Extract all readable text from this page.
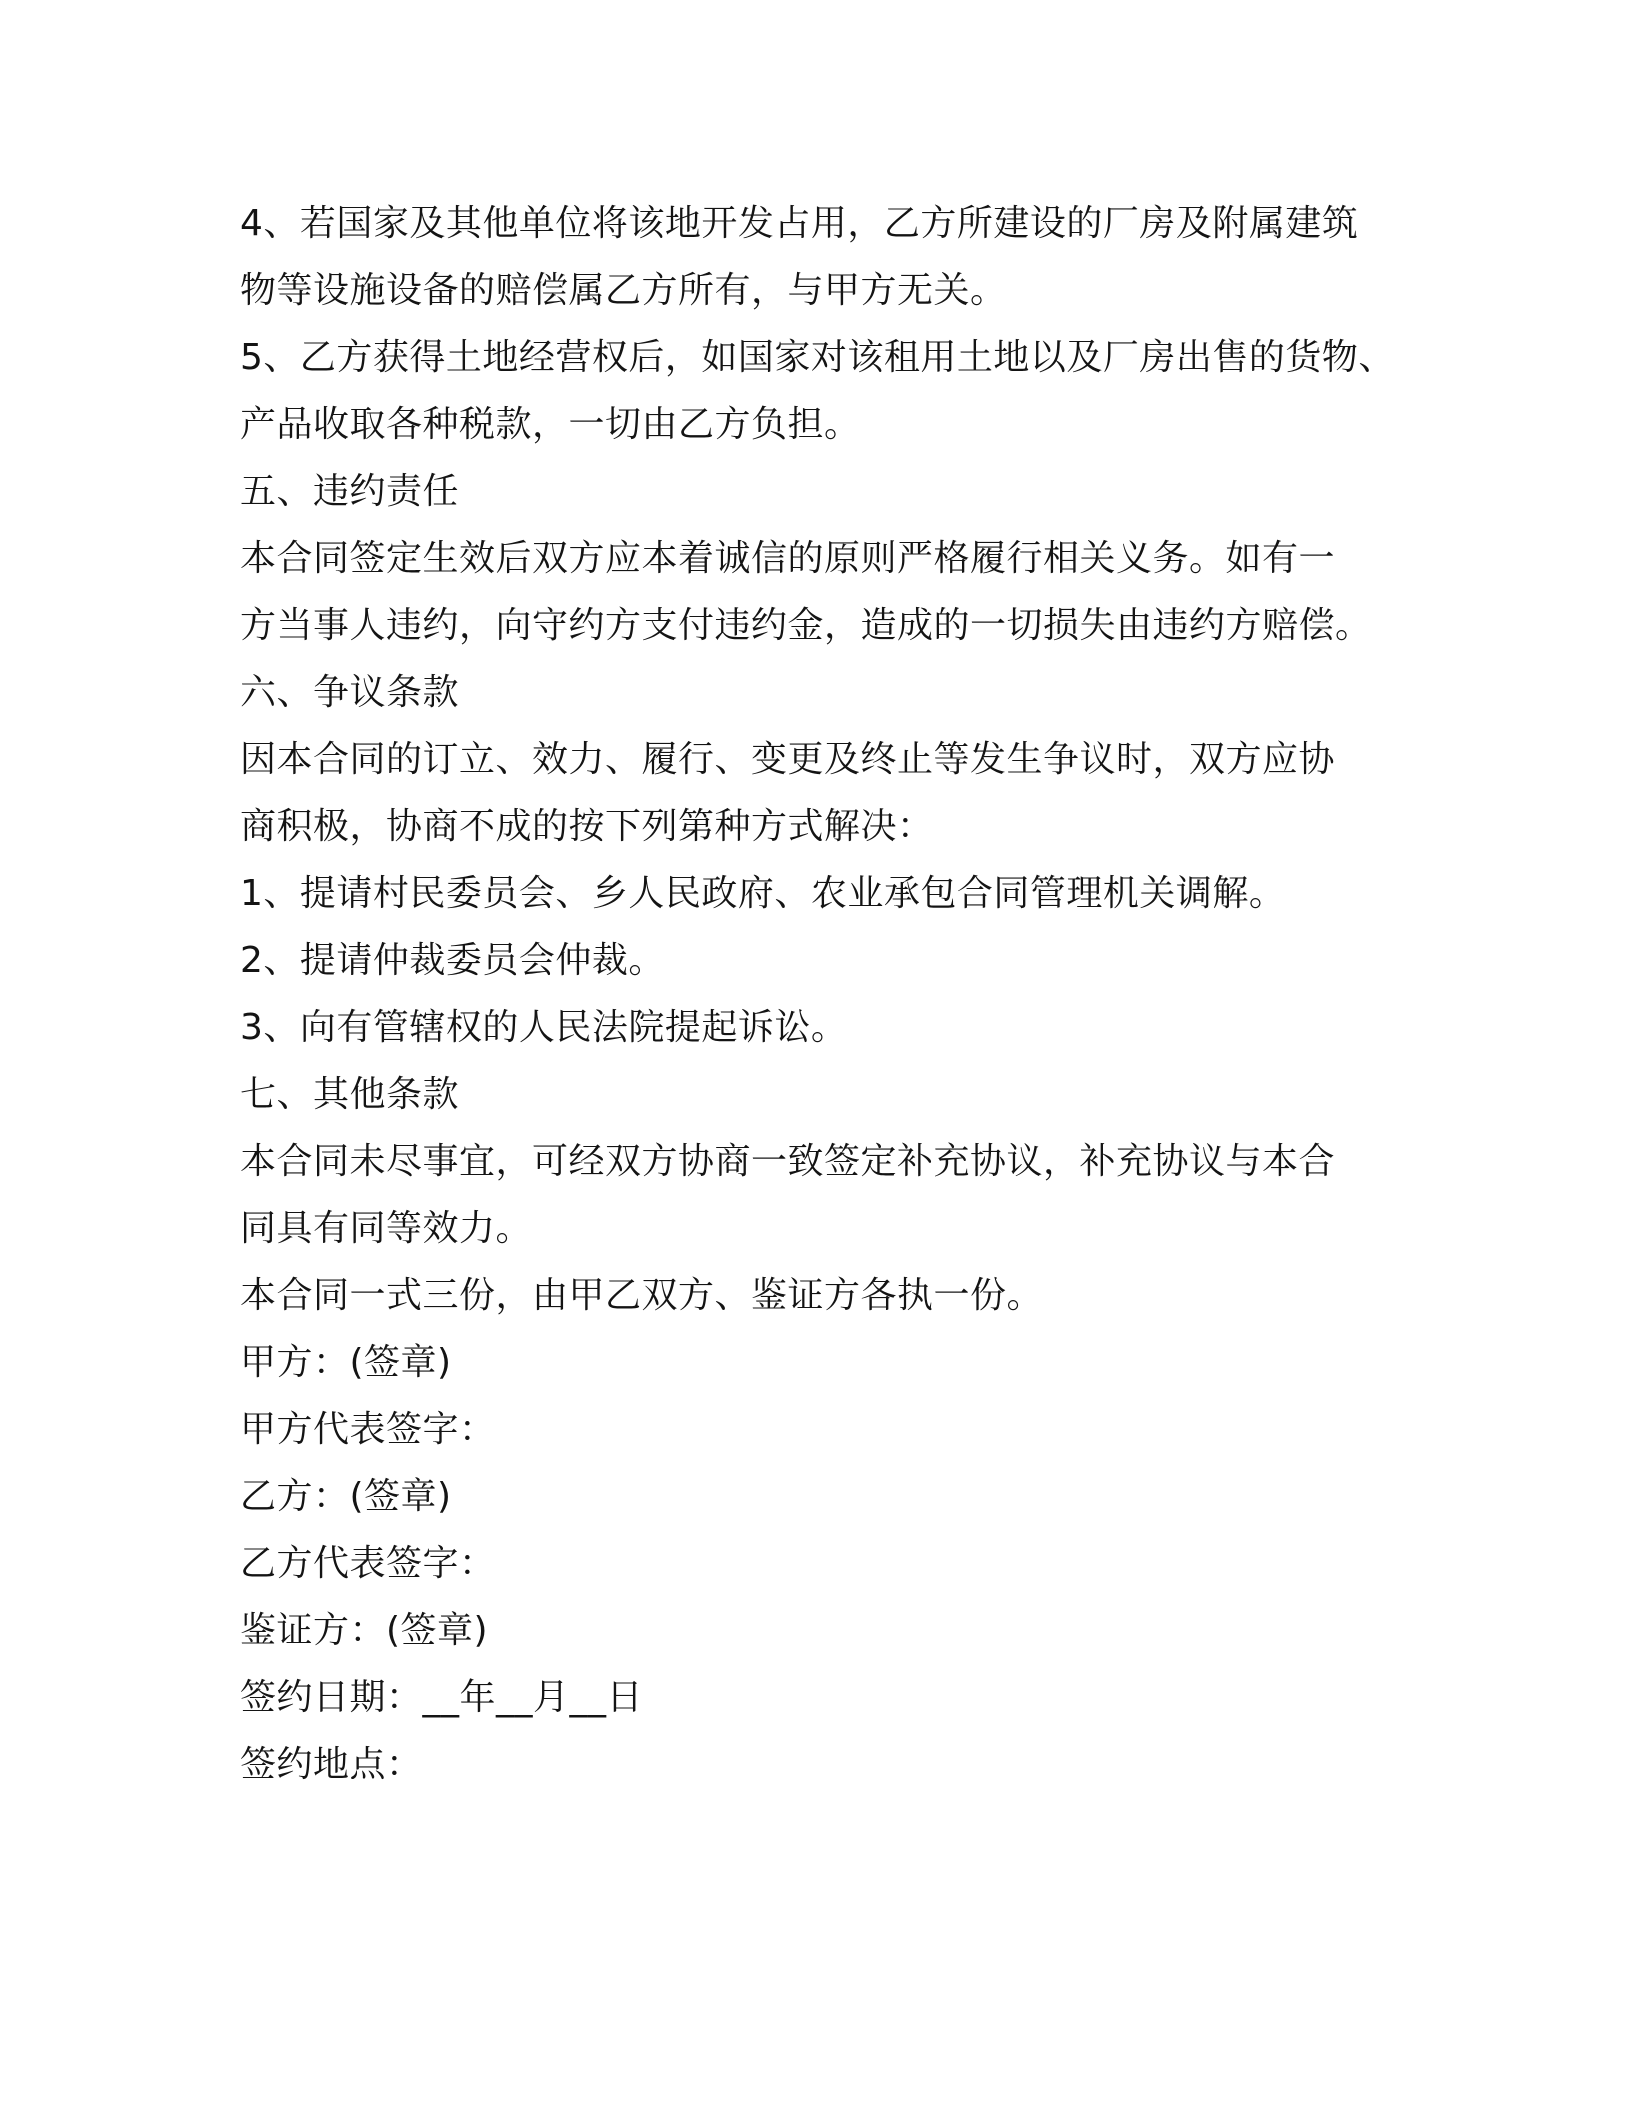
4、若国家及其他单位将该地开发占用，乙方所建设的厂房及附属建筑
物等设施设备的赔偿属乙方所有，与甲方无关。
5、乙方获得土地经营权后，如国家对该租用土地以及厂房出售的货物、
产品收取各种税款，一切由乙方负担。
五、违约责任
本合同签定生效后双方应本着诚信的原则严格履行相关义务。如有一
方当事人违约，向守约方支付违约金，造成的一切损失由违约方赔偿。
六、争议条款
因本合同的订立、效力、履行、变更及终止等发生争议时，双方应协
商积极，协商不成的按下列第种方式解决：
1、提请村民委员会、乡人民政府、农业承包合同管理机关调解。
2、提请仲裁委员会仲裁。
3、向有管辖权的人民法院提起诉讼。
七、其他条款
本合同未尽事宜，可经双方协商一致签定补充协议，补充协议与本合
同具有同等效力。
本合同一式三份，由甲乙双方、鉴证方各执一份。
甲方：(签章)
甲方代表签字：
乙方：(签章)
乙方代表签字：
鉴证方：(签章)
签约日期：__年__月__日
签约地点：
